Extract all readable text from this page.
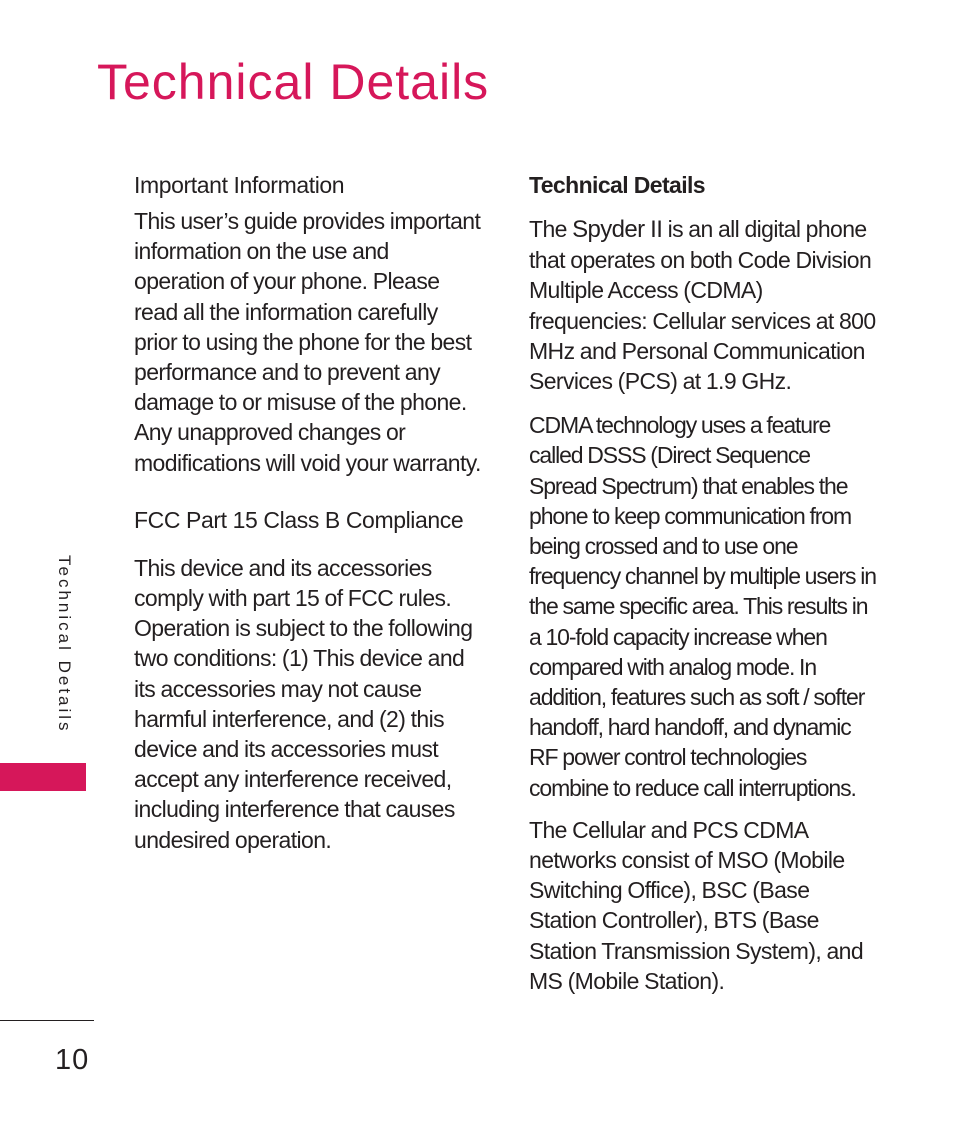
Technical Details
Technical Details
Important Information

This user’s guide provides important information on the use and operation of your phone. Please read all the information carefully prior to using the phone for the best performance and to prevent any damage to or misuse of the phone. Any unapproved changes or modifications will void your warranty.

FCC Part 15 Class B Compliance

This device and its accessories comply with part 15 of FCC rules. Operation is subject to the following two conditions: (1) This device and its accessories may not cause harmful interference, and (2) this device and its accessories must accept any interference received, including interference that causes undesired operation.

Technical Details

The Spyder II is an all digital phone that operates on both Code Division Multiple Access (CDMA) frequencies: Cellular services at 800 MHz and Personal Communication Services (PCS) at 1.9 GHz.

CDMA technology uses a feature called DSSS (Direct Sequence Spread Spectrum) that enables the phone to keep communication from being crossed and to use one frequency channel by multiple users in the same specific area. This results in a 10-fold capacity increase when compared with analog mode. In addition, features such as soft / softer handoff, hard handoff, and dynamic RF power control technologies combine to reduce call interruptions.

The Cellular and PCS CDMA networks consist of MSO (Mobile Switching Office), BSC (Base Station Controller), BTS (Base Station Transmission System), and MS (Mobile Station).

10
